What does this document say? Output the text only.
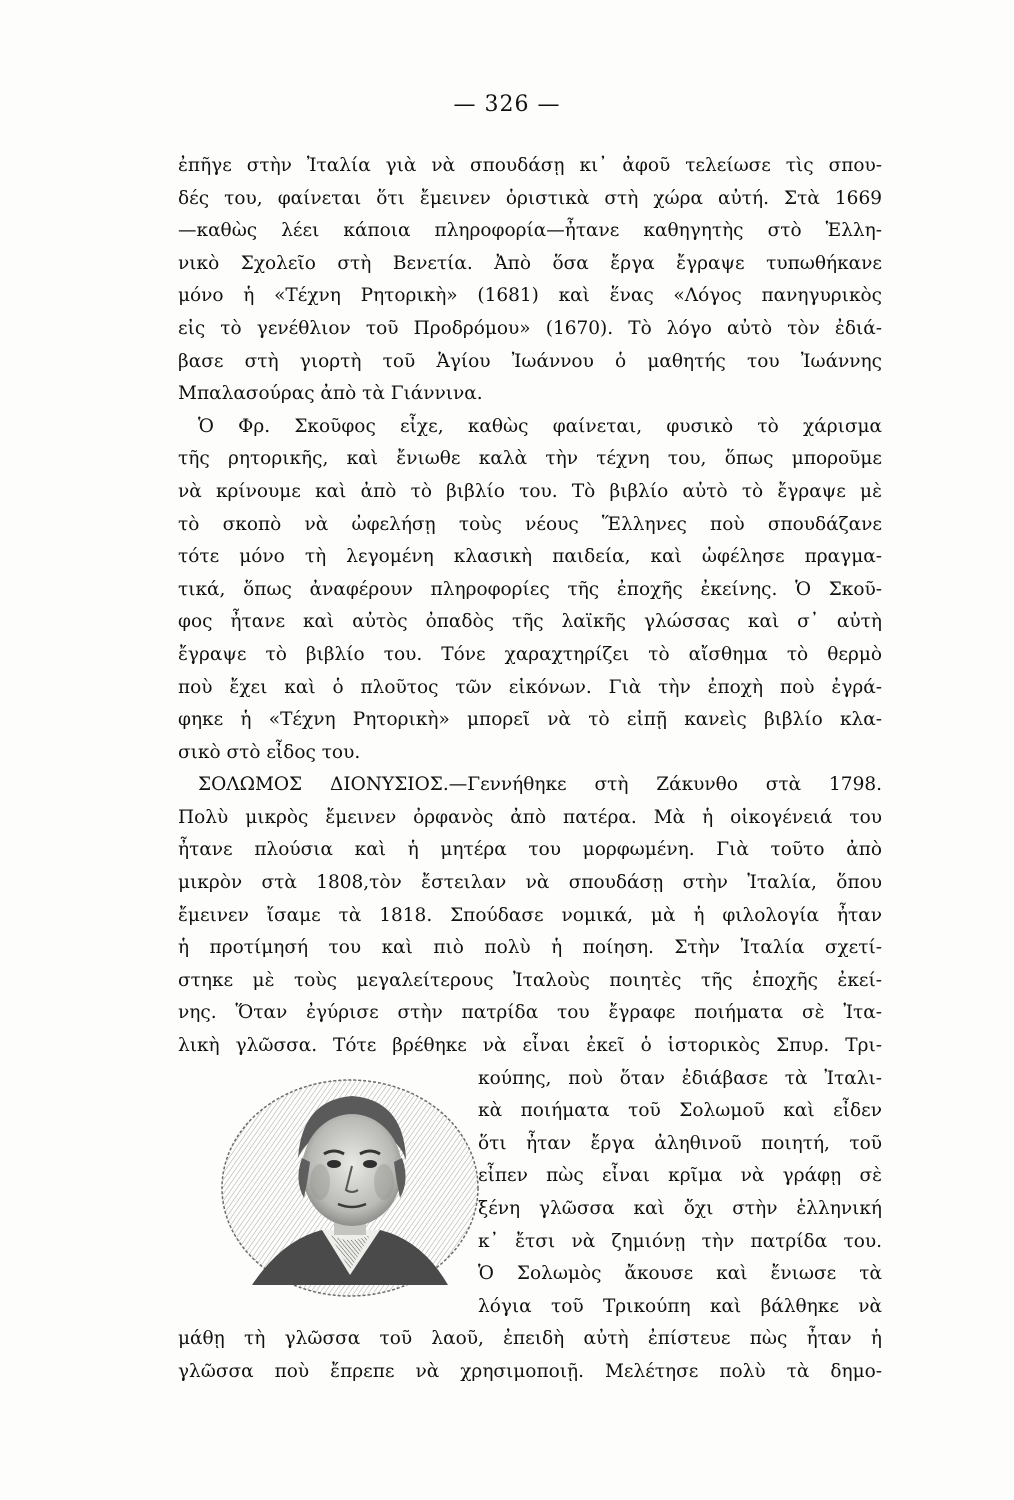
— 326 —
ἐπῆγε στὴν Ἰταλία γιὰ νὰ σπουδάσῃ κι᾽ ἀφοῦ τελείωσε τὶς σπου-
δές του, φαίνεται ὅτι ἔμεινεν ὁριστικὰ στὴ χώρα αὐτή. Στὰ 1669
—καθὼς λέει κάποια πληροφορία—ἦτανε καθηγητὴς στὸ Ἑλλη-
νικὸ Σχολεῖο στὴ Βενετία. Ἀπὸ ὅσα ἔργα ἔγραψε τυπωθήκανε
μόνο ἡ «Τέχνη Ρητορικὴ» (1681) καὶ ἕνας «Λόγος πανηγυρικὸς
εἰς τὸ γενέθλιον τοῦ Προδρόμου» (1670). Τὸ λόγο αὐτὸ τὸν ἐδιά-
βασε στὴ γιορτὴ τοῦ Ἁγίου Ἰωάννου ὁ μαθητής του Ἰωάννης
Μπαλασούρας ἀπὸ τὰ Γιάννινα.
Ὁ Φρ. Σκοῦφος εἶχε, καθὼς φαίνεται, φυσικὸ τὸ χάρισμα
τῆς ρητορικῆς, καὶ ἔνιωθε καλὰ τὴν τέχνη του, ὅπως μποροῦμε
νὰ κρίνουμε καὶ ἀπὸ τὸ βιβλίο του. Τὸ βιβλίο αὐτὸ τὸ ἔγραψε μὲ
τὸ σκοπὸ νὰ ὠφελήσῃ τοὺς νέους Ἕλληνες ποὺ σπουδάζανε
τότε μόνο τὴ λεγομένη κλασικὴ παιδεία, καὶ ὠφέλησε πραγμα-
τικά, ὅπως ἀναφέρουν πληροφορίες τῆς ἐποχῆς ἐκείνης. Ὁ Σκοῦ-
φος ἦτανε καὶ αὐτὸς ὀπαδὸς τῆς λαϊκῆς γλώσσας καὶ σ᾽ αὐτὴ
ἔγραψε τὸ βιβλίο του. Τόνε χαραχτηρίζει τὸ αἴσθημα τὸ θερμὸ
ποὺ ἔχει καὶ ὁ πλοῦτος τῶν εἰκόνων. Γιὰ τὴν ἐποχὴ ποὺ ἐγρά-
φηκε ἡ «Τέχνη Ρητορικὴ» μπορεῖ νὰ τὸ εἰπῇ κανεὶς βιβλίο κλα-
σικὸ στὸ εἶδος του.
ΣΟΛΩΜΟΣ ΔΙΟΝΥΣΙΟΣ.—Γεννήθηκε στὴ Ζάκυνθο στὰ 1798.
Πολὺ μικρὸς ἔμεινεν ὀρφανὸς ἀπὸ πατέρα. Μὰ ἡ οἰκογένειά του
ἦτανε πλούσια καὶ ἡ μητέρα του μορφωμένη. Γιὰ τοῦτο ἀπὸ
μικρὸν στὰ 1808,τὸν ἔστειλαν νὰ σπουδάσῃ στὴν Ἰταλία, ὅπου
ἔμεινεν ἴσαμε τὰ 1818. Σπούδασε νομικά, μὰ ἡ φιλολογία ἦταν
ἡ προτίμησή του καὶ πιὸ πολὺ ἡ ποίηση. Στὴν Ἰταλία σχετί-
στηκε μὲ τοὺς μεγαλείτερους Ἰταλοὺς ποιητὲς τῆς ἐποχῆς ἐκεί-
νης. Ὅταν ἐγύρισε στὴν πατρίδα του ἔγραφε ποιήματα σὲ Ἰτα-
λικὴ γλῶσσα. Τότε βρέθηκε νὰ εἶναι ἐκεῖ ὁ ἱστορικὸς Σπυρ. Τρι-
κούπης, ποὺ ὅταν ἐδιάβασε τὰ Ἰταλι-
κὰ ποιήματα τοῦ Σολωμοῦ καὶ εἶδεν
ὅτι ἦταν ἔργα ἀληθινοῦ ποιητή, τοῦ
εἶπεν πὼς εἶναι κρῖμα νὰ γράφῃ σὲ
ξένη γλῶσσα καὶ ὄχι στὴν ἑλληνική
κ᾽ ἔτσι νὰ ζημιόνῃ τὴν πατρίδα του.
Ὁ Σολωμὸς ἄκουσε καὶ ἔνιωσε τὰ
λόγια τοῦ Τρικούπη καὶ βάλθηκε νὰ
μάθῃ τὴ γλῶσσα τοῦ λαοῦ, ἐπειδὴ αὐτὴ ἐπίστευε πὼς ἦταν ἡ
γλῶσσα ποὺ ἔπρεπε νὰ χρησιμοποιῇ. Μελέτησε πολὺ τὰ δημο-
